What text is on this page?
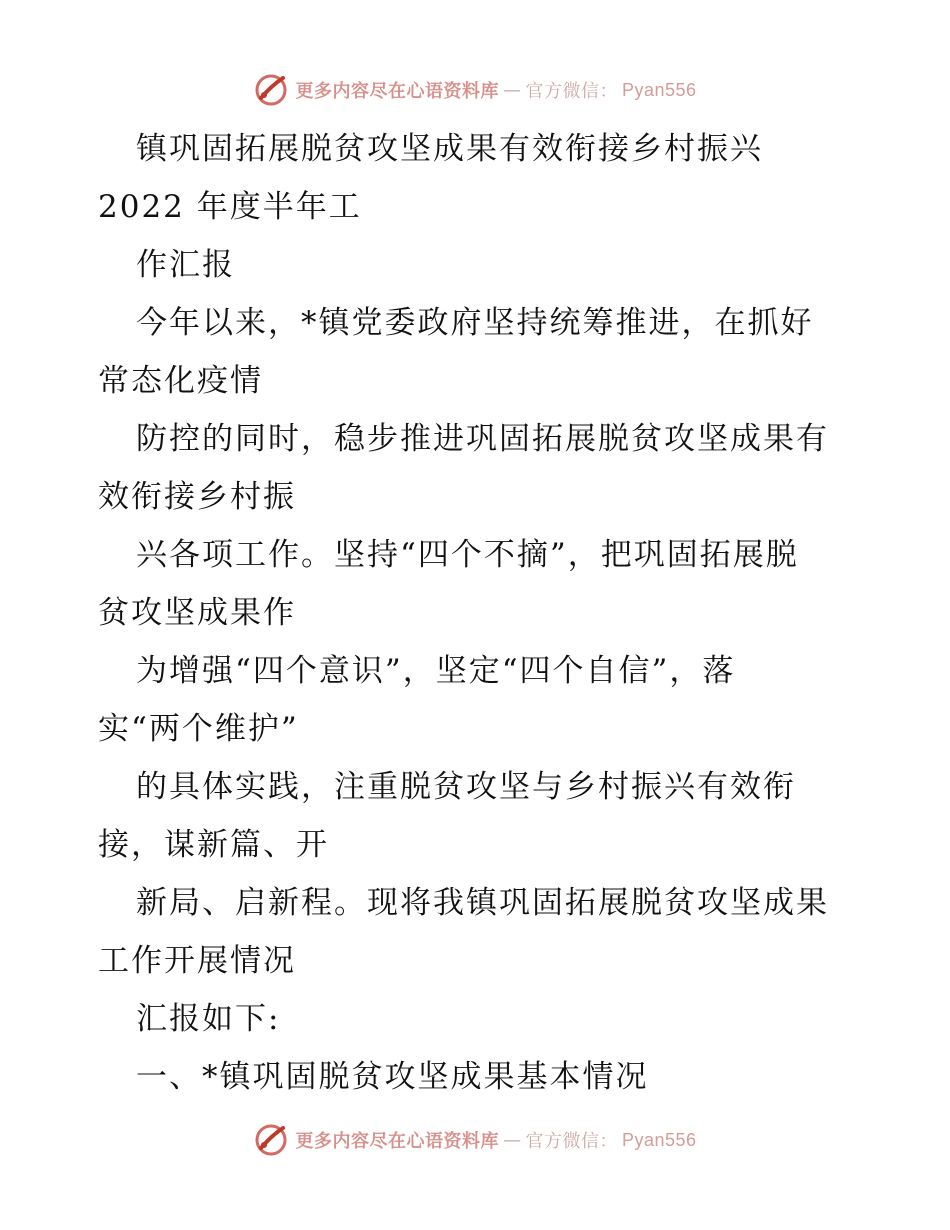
更多内容尽在心语资料库 — 官方微信： Pyan556
镇巩固拓展脱贫攻坚成果有效衔接乡村振兴
2022 年度半年工
作汇报
今年以来，*镇党委政府坚持统筹推进，在抓好
常态化疫情
防控的同时，稳步推进巩固拓展脱贫攻坚成果有
效衔接乡村振
兴各项工作。坚持“四个不摘”，把巩固拓展脱
贫攻坚成果作
为增强“四个意识”，坚定“四个自信”，落
实“两个维护”
的具体实践，注重脱贫攻坚与乡村振兴有效衔
接，谋新篇、开
新局、启新程。现将我镇巩固拓展脱贫攻坚成果
工作开展情况
汇报如下:
一、*镇巩固脱贫攻坚成果基本情况
更多内容尽在心语资料库 — 官方微信： Pyan556
